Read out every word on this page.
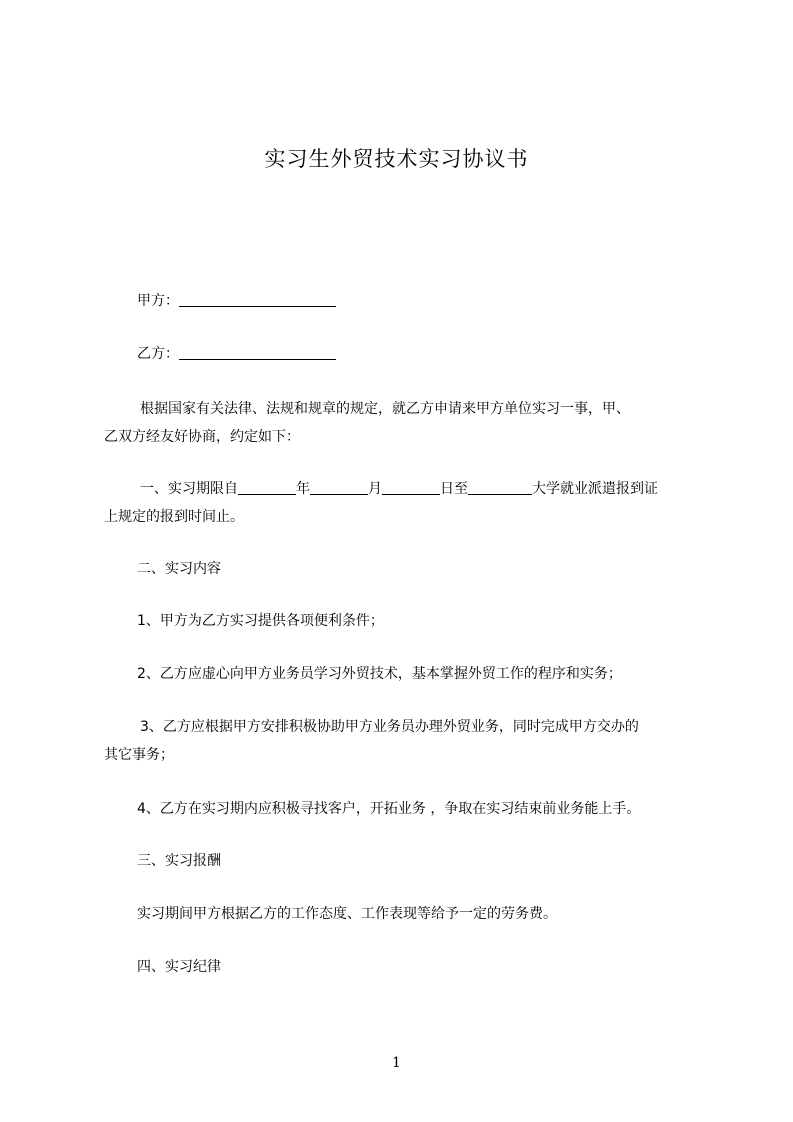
实习生外贸技术实习协议书
甲方：
乙方：
根据国家有关法律、法规和规章的规定，就乙方申请来甲方单位实习一事，甲、
乙双方经友好协商，约定如下：
一、实习期限自	年	月	日至	大学就业派遣报到证
上规定的报到时间止。
二、实习内容
1、甲方为乙方实习提供各项便利条件；
2、乙方应虚心向甲方业务员学习外贸技术，基本掌握外贸工作的程序和实务；
3、乙方应根据甲方安排积极协助甲方业务员办理外贸业务，同时完成甲方交办的
其它事务；
4、乙方在实习期内应积极寻找客户，开拓业务 ，争取在实习结束前业务能上手。
三、实习报酬
实习期间甲方根据乙方的工作态度、工作表现等给予一定的劳务费。
四、实习纪律
1
